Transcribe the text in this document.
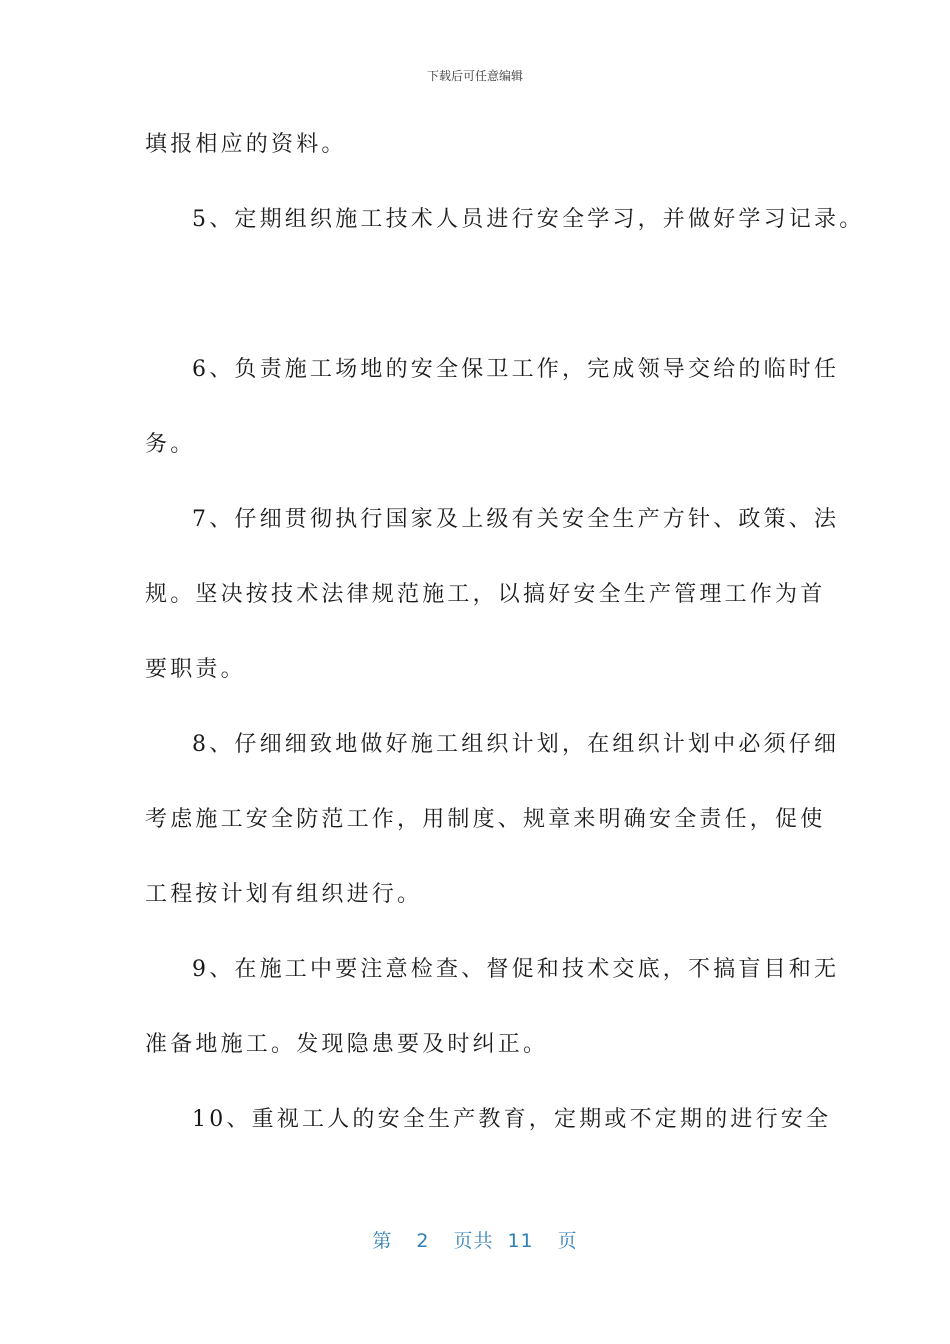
下载后可任意编辑
填报相应的资料。
5、定期组织施工技术人员进行安全学习，并做好学习记录。
6、负责施工场地的安全保卫工作，完成领导交给的临时任
务。
7、仔细贯彻执行国家及上级有关安全生产方针、政策、法
规。坚决按技术法律规范施工，以搞好安全生产管理工作为首
要职责。
8、仔细细致地做好施工组织计划，在组织计划中必须仔细
考虑施工安全防范工作，用制度、规章来明确安全责任，促使
工程按计划有组织进行。
9、在施工中要注意检查、督促和技术交底，不搞盲目和无
准备地施工。发现隐患要及时纠正。
10、重视工人的安全生产教育，定期或不定期的进行安全
第 2 页共 11 页
